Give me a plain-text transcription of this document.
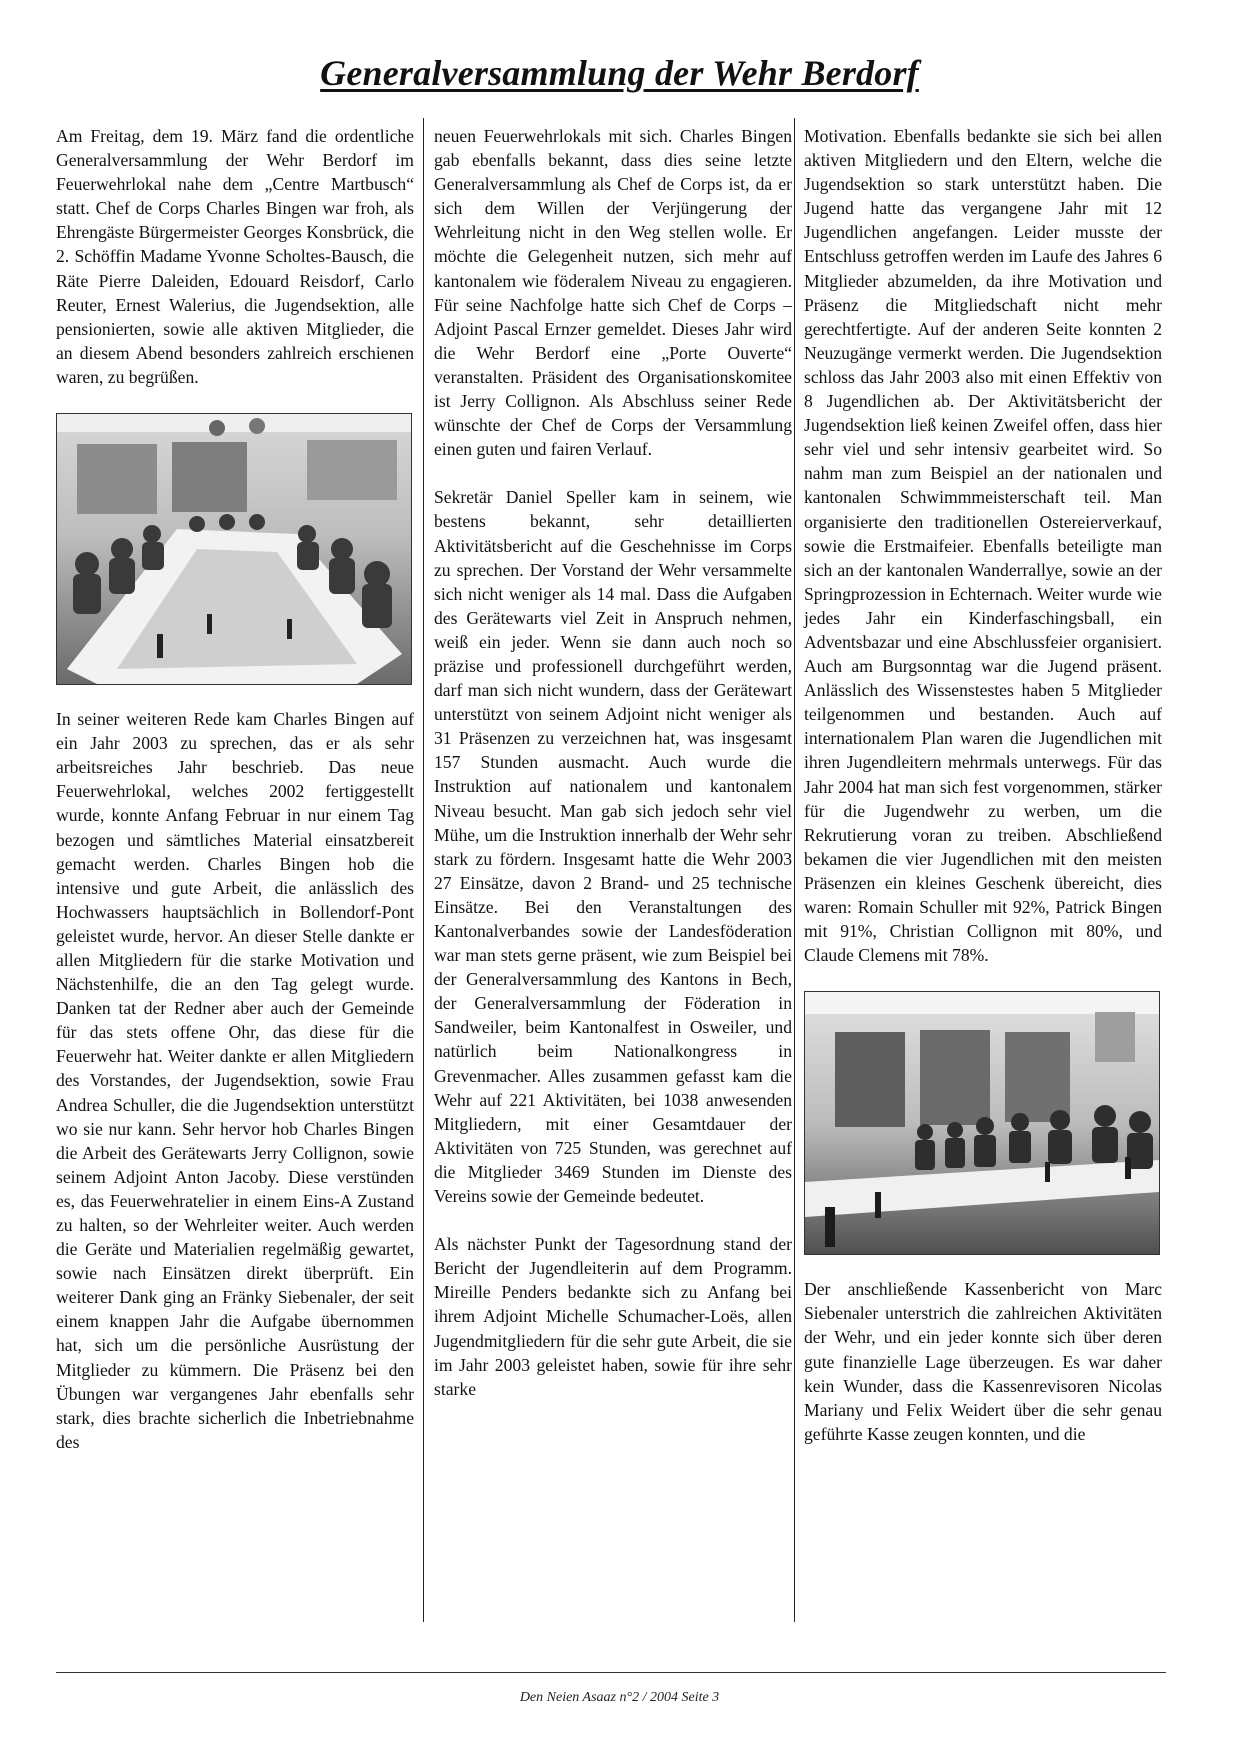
Generalversammlung der Wehr Berdorf

Am Freitag, dem 19. März fand die ordentliche Generalversammlung der Wehr Berdorf im Feuerwehrlokal nahe dem „Centre Martbusch“ statt. Chef de Corps Charles Bingen war froh, als Ehrengäste Bürgermeister Georges Konsbrück, die 2. Schöffin Madame Yvonne Scholtes-Bausch, die Räte Pierre Daleiden, Edouard Reisdorf, Carlo Reuter, Ernest Walerius, die Jugendsektion, alle pensionierten, sowie alle aktiven Mitglieder, die an diesem Abend besonders zahlreich erschienen waren, zu begrüßen.

In seiner weiteren Rede kam Charles Bingen auf ein Jahr 2003 zu sprechen, das er als sehr arbeitsreiches Jahr beschrieb. Das neue Feuerwehrlokal, welches 2002 fertiggestellt wurde, konnte Anfang Februar in nur einem Tag bezogen und sämtliches Material einsatzbereit gemacht werden. Charles Bingen hob die intensive und gute Arbeit, die anlässlich des Hochwassers hauptsächlich in Bollendorf-Pont geleistet wurde, hervor. An dieser Stelle dankte er allen Mitgliedern für die starke Motivation und Nächstenhilfe, die an den Tag gelegt wurde. Danken tat der Redner aber auch der Gemeinde für das stets offene Ohr, das diese für die Feuerwehr hat. Weiter dankte er allen Mitgliedern des Vorstandes, der Jugendsektion, sowie Frau Andrea Schuller, die die Jugendsektion unterstützt wo sie nur kann. Sehr hervor hob Charles Bingen die Arbeit des Gerätewarts Jerry Collignon, sowie seinem Adjoint Anton Jacoby. Diese verstünden es, das Feuerwehratelier in einem Eins-A Zustand zu halten, so der Wehrleiter weiter. Auch werden die Geräte und Materialien regelmäßig gewartet, sowie nach Einsätzen direkt überprüft. Ein weiterer Dank ging an Fränky Siebenaler, der seit einem knappen Jahr die Aufgabe übernommen hat, sich um die persönliche Ausrüstung der Mitglieder zu kümmern. Die Präsenz bei den Übungen war vergangenes Jahr ebenfalls sehr stark, dies brachte sicherlich die Inbetriebnahme des

neuen Feuerwehrlokals mit sich. Charles Bingen gab ebenfalls bekannt, dass dies seine letzte Generalversammlung als Chef de Corps ist, da er sich dem Willen der Verjüngerung der Wehrleitung nicht in den Weg stellen wolle. Er möchte die Gelegenheit nutzen, sich mehr auf kantonalem wie föderalem Niveau zu engagieren. Für seine Nachfolge hatte sich Chef de Corps – Adjoint Pascal Ernzer gemeldet. Dieses Jahr wird die Wehr Berdorf eine „Porte Ouverte“ veranstalten. Präsident des Organisationskomitee ist Jerry Collignon. Als Abschluss seiner Rede wünschte der Chef de Corps der Versammlung einen guten und fairen Verlauf.

Sekretär Daniel Speller kam in seinem, wie bestens bekannt, sehr detaillierten Aktivitätsbericht auf die Geschehnisse im Corps zu sprechen. Der Vorstand der Wehr versammelte sich nicht weniger als 14 mal. Dass die Aufgaben des Gerätewarts viel Zeit in Anspruch nehmen, weiß ein jeder. Wenn sie dann auch noch so präzise und professionell durchgeführt werden, darf man sich nicht wundern, dass der Gerätewart unterstützt von seinem Adjoint nicht weniger als 31 Präsenzen zu verzeichnen hat, was insgesamt 157 Stunden ausmacht. Auch wurde die Instruktion auf nationalem und kantonalem Niveau besucht. Man gab sich jedoch sehr viel Mühe, um die Instruktion innerhalb der Wehr sehr stark zu fördern. Insgesamt hatte die Wehr 2003 27 Einsätze, davon 2 Brand- und 25 technische Einsätze. Bei den Veranstaltungen des Kantonalverbandes sowie der Landesföderation war man stets gerne präsent, wie zum Beispiel bei der Generalversammlung des Kantons in Bech, der Generalversammlung der Föderation in Sandweiler, beim Kantonalfest in Osweiler, und natürlich beim Nationalkongress in Grevenmacher. Alles zusammen gefasst kam die Wehr auf 221 Aktivitäten, bei 1038 anwesenden Mitgliedern, mit einer Gesamtdauer der Aktivitäten von 725 Stunden, was gerechnet auf die Mitglieder 3469 Stunden im Dienste des Vereins sowie der Gemeinde bedeutet.

Als nächster Punkt der Tagesordnung stand der Bericht der Jugendleiterin auf dem Programm. Mireille Penders bedankte sich zu Anfang bei ihrem Adjoint Michelle Schumacher-Loës, allen Jugendmitgliedern für die sehr gute Arbeit, die sie im Jahr 2003 geleistet haben, sowie für ihre sehr starke

Motivation. Ebenfalls bedankte sie sich bei allen aktiven Mitgliedern und den Eltern, welche die Jugendsektion so stark unterstützt haben. Die Jugend hatte das vergangene Jahr mit 12 Jugendlichen angefangen. Leider musste der Entschluss getroffen werden im Laufe des Jahres 6 Mitglieder abzumelden, da ihre Motivation und Präsenz die Mitgliedschaft nicht mehr gerechtfertigte. Auf der anderen Seite konnten 2 Neuzugänge vermerkt werden. Die Jugendsektion schloss das Jahr 2003 also mit einen Effektiv von 8 Jugendlichen ab. Der Aktivitätsbericht der Jugendsektion ließ keinen Zweifel offen, dass hier sehr viel und sehr intensiv gearbeitet wird. So nahm man zum Beispiel an der nationalen und kantonalen Schwimmmeisterschaft teil. Man organisierte den traditionellen Ostereierverkauf, sowie die Erstmaifeier. Ebenfalls beteiligte man sich an der kantonalen Wanderrallye, sowie an der Springprozession in Echternach. Weiter wurde wie jedes Jahr ein Kinderfaschingsball, ein Adventsbazar und eine Abschlussfeier organisiert. Auch am Burgsonntag war die Jugend präsent. Anlässlich des Wissenstestes haben 5 Mitglieder teilgenommen und bestanden. Auch auf internationalem Plan waren die Jugendlichen mit ihren Jugendleitern mehrmals unterwegs. Für das Jahr 2004 hat man sich fest vorgenommen, stärker für die Jugendwehr zu werben, um die Rekrutierung voran zu treiben. Abschließend bekamen die vier Jugendlichen mit den meisten Präsenzen ein kleines Geschenk übereicht, dies waren: Romain Schuller mit 92%, Patrick Bingen mit 91%, Christian Collignon mit 80%, und Claude Clemens mit 78%.

Der anschließende Kassenbericht von Marc Siebenaler unterstrich die zahlreichen Aktivitäten der Wehr, und ein jeder konnte sich über deren gute finanzielle Lage überzeugen. Es war daher kein Wunder, dass die Kassenrevisoren Nicolas Mariany und Felix Weidert über die sehr genau geführte Kasse zeugen konnten, und die

Den Neien Asaaz n°2 / 2004 Seite 3
